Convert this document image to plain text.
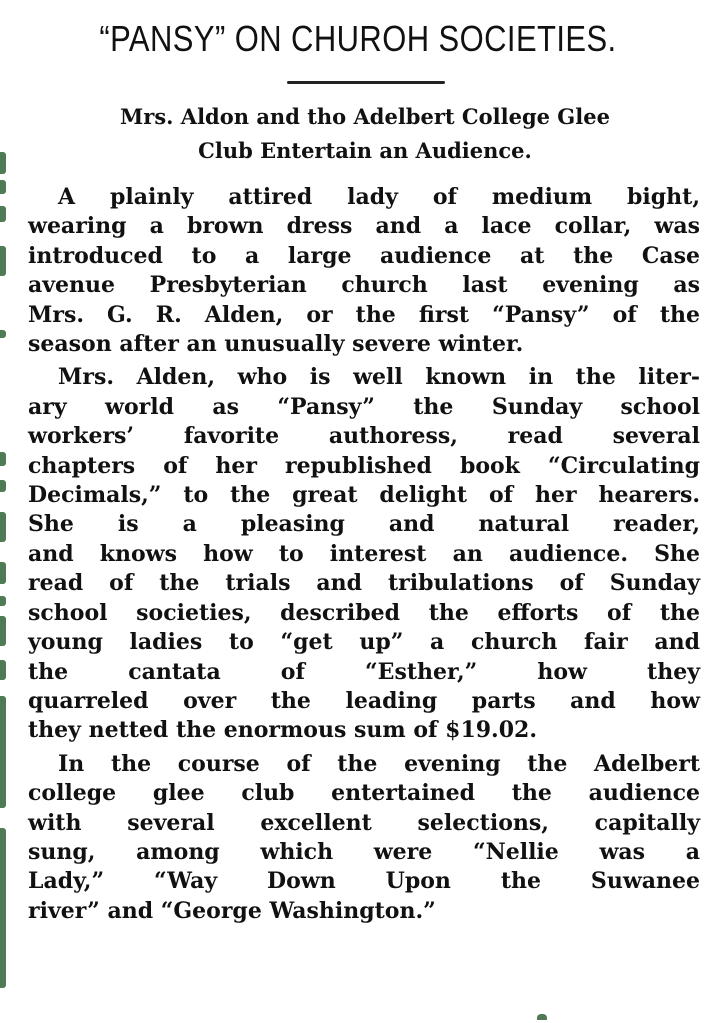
“PANSY” ON CHUROH SOCIETIES.
Mrs. Aldon and tho Adelbert College Glee
Club Entertain an Audience.
A plainly attired lady of medium bight,
wearing a brown dress and a lace collar, was
introduced to a large audience at the Case
avenue Presbyterian church last evening as
Mrs. G. R. Alden, or the first “Pansy” of the
season after an unusually severe winter.
Mrs. Alden, who is well known in the liter-
ary world as “Pansy” the Sunday school
workers’ favorite authoress, read several
chapters of her republished book “Circulating
Decimals,” to the great delight of her hearers.
She is a pleasing and natural reader,
and knows how to interest an audience. She
read of the trials and tribulations of Sunday
school societies, described the efforts of the
young ladies to “get up” a church fair and
the cantata of “Esther,” how they
quarreled over the leading parts and how
they netted the enormous sum of $19.02.
In the course of the evening the Adelbert
college glee club entertained the audience
with several excellent selections, capitally
sung, among which were “Nellie was a
Lady,” “Way Down Upon the Suwanee
river” and “George Washington.”
